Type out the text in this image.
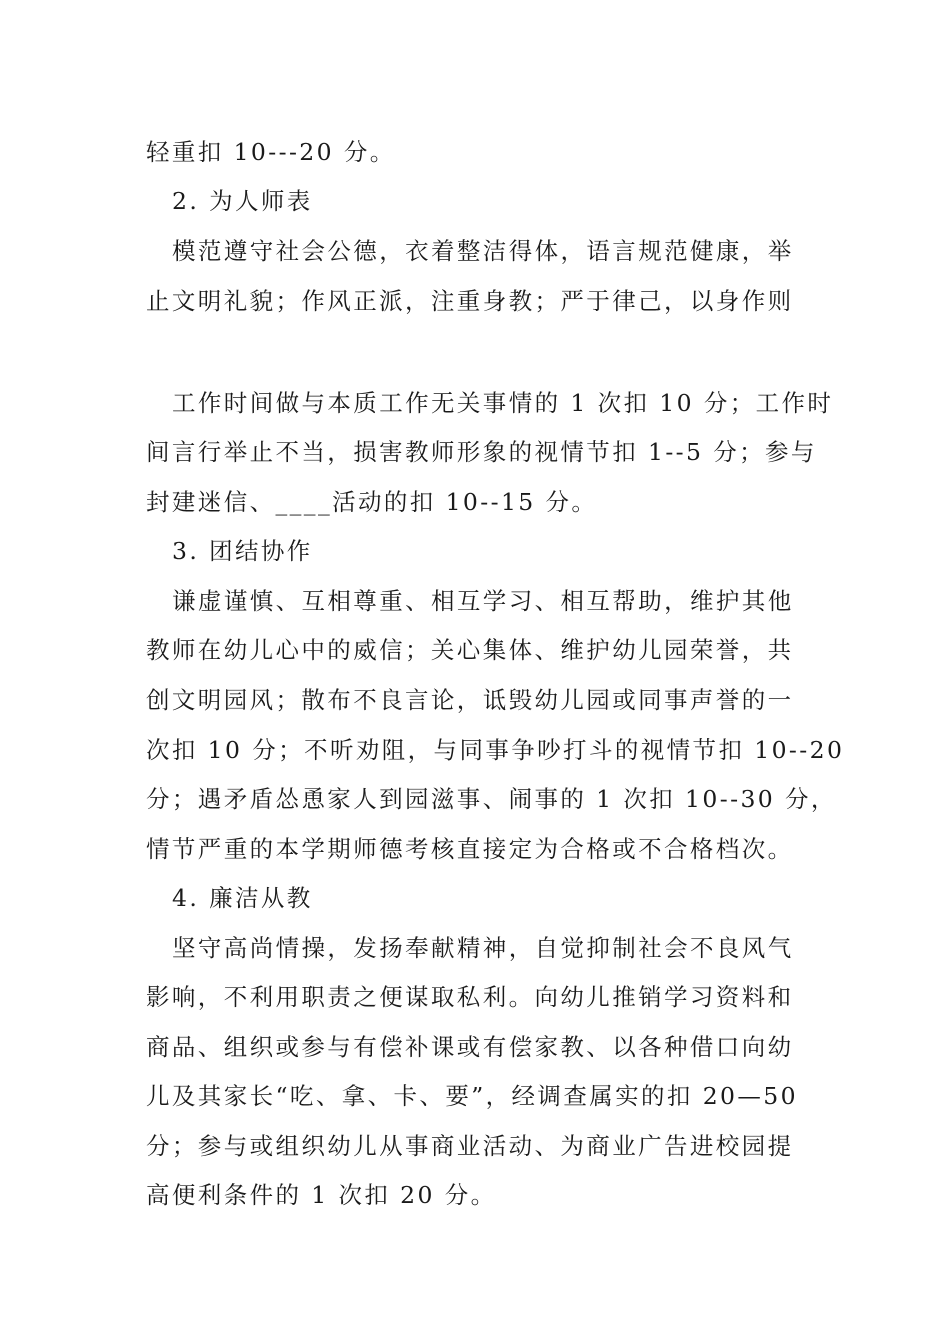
轻重扣 10---20 分。
2. 为人师表
模范遵守社会公德，衣着整洁得体，语言规范健康，举
止文明礼貌；作风正派，注重身教；严于律己，以身作则
工作时间做与本质工作无关事情的 1 次扣 10 分；工作时
间言行举止不当，损害教师形象的视情节扣 1--5 分；参与
封建迷信、____活动的扣 10--15 分。
3. 团结协作
谦虚谨慎、互相尊重、相互学习、相互帮助，维护其他
教师在幼儿心中的威信；关心集体、维护幼儿园荣誉，共
创文明园风；散布不良言论，诋毁幼儿园或同事声誉的一
次扣 10 分；不听劝阻，与同事争吵打斗的视情节扣 10--20
分；遇矛盾怂恿家人到园滋事、闹事的 1 次扣 10--30 分，
情节严重的本学期师德考核直接定为合格或不合格档次。
4. 廉洁从教
坚守高尚情操，发扬奉献精神，自觉抑制社会不良风气
影响，不利用职责之便谋取私利。向幼儿推销学习资料和
商品、组织或参与有偿补课或有偿家教、以各种借口向幼
儿及其家长“吃、拿、卡、要”，经调查属实的扣 20—50
分；参与或组织幼儿从事商业活动、为商业广告进校园提
高便利条件的 1 次扣 20 分。
